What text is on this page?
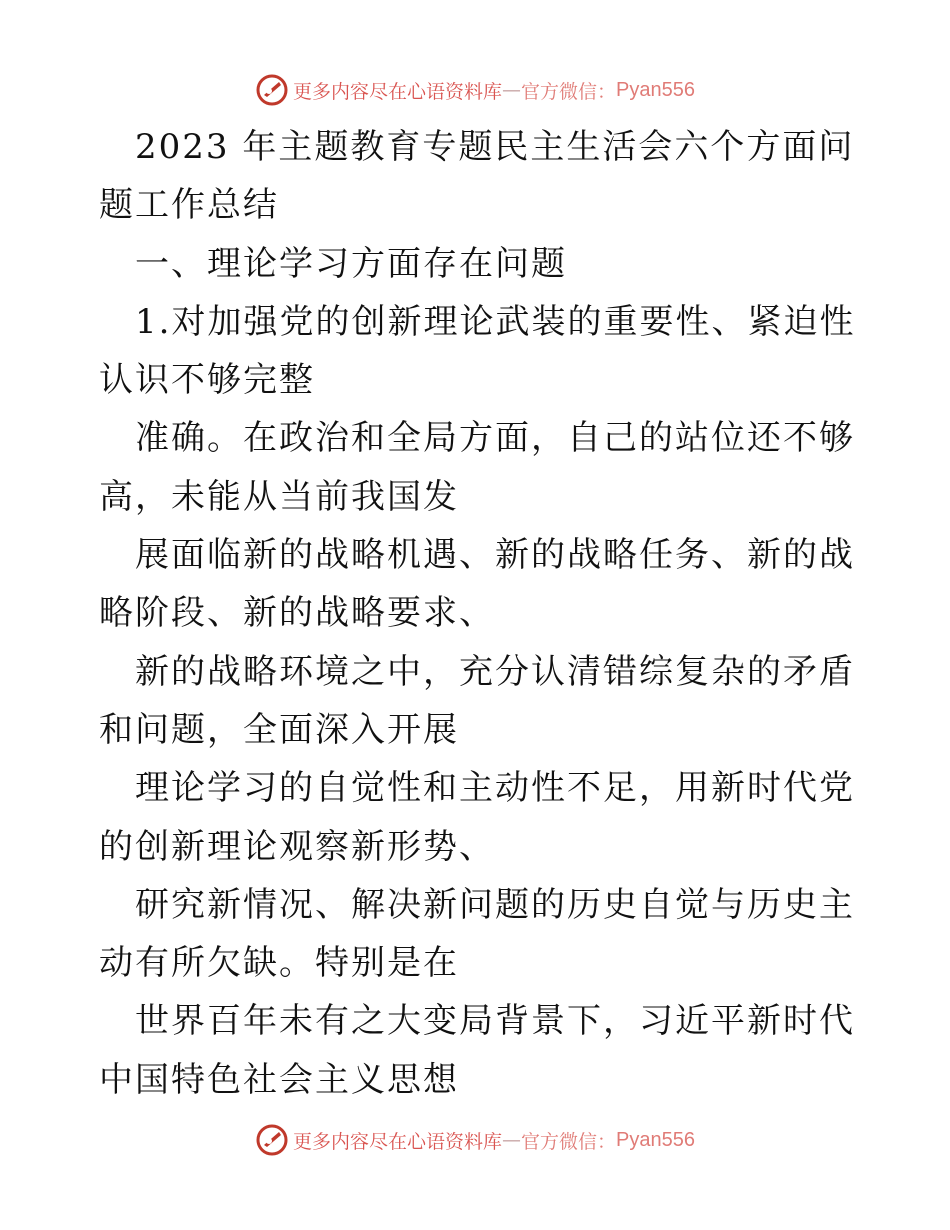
更多内容尽在心语资料库 — 官方微信： Pyan556

2023 年主题教育专题民主生活会六个方面问题工作总结

一、理论学习方面存在问题

1.对加强党的创新理论武装的重要性、紧迫性认识不够完整

准确。在政治和全局方面，自己的站位还不够高，未能从当前我国发

展面临新的战略机遇、新的战略任务、新的战略阶段、新的战略要求、

新的战略环境之中，充分认清错综复杂的矛盾和问题，全面深入开展

理论学习的自觉性和主动性不足，用新时代党的创新理论观察新形势、

研究新情况、解决新问题的历史自觉与历史主动有所欠缺。特别是在

世界百年未有之大变局背景下，习近平新时代中国特色社会主义思想

更多内容尽在心语资料库 — 官方微信： Pyan556
